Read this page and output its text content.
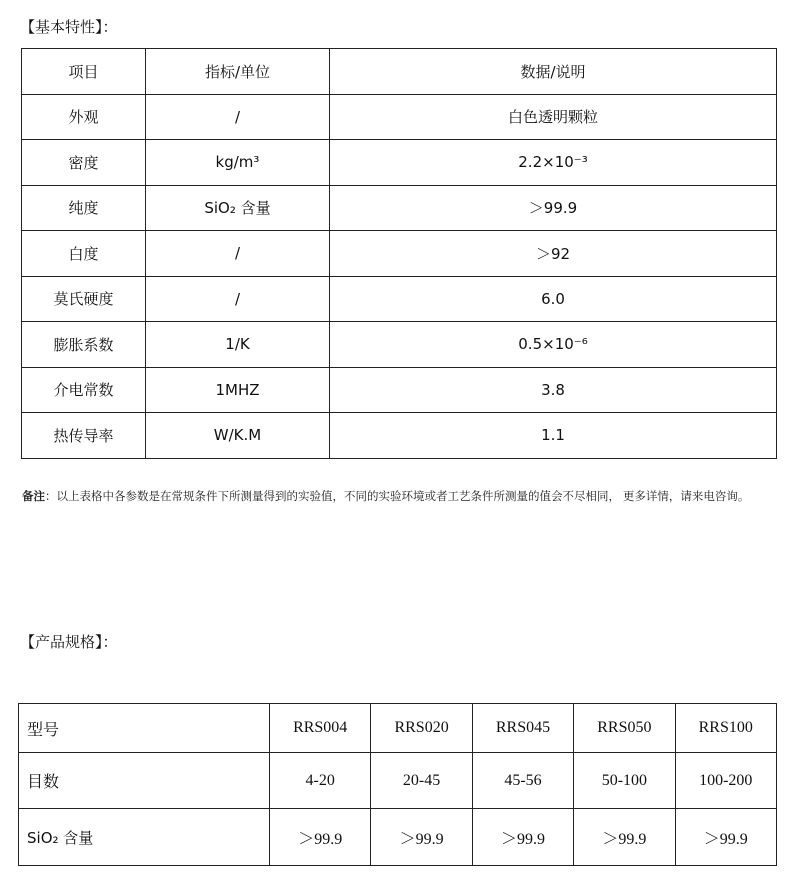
【基本特性】：
项目	指标/单位	数据/说明
外观	/	白色透明颗粒
密度	kg/m³	2.2×10⁻³
纯度	SiO₂ 含量	＞99.9
白度	/	＞92
莫氏硬度	/	6.0
膨胀系数	1/K	0.5×10⁻⁶
介电常数	1MHZ	3.8
热传导率	W/K.M	1.1
备注：以上表格中各参数是在常规条件下所测量得到的实验值，不同的实验环境或者工艺条件所测量的值会不尽相同， 更多详情，请来电咨询。
【产品规格】：
型号	RRS004	RRS020	RRS045	RRS050	RRS100
目数	4-20	20-45	45-56	50-100	100-200
SiO₂ 含量	＞99.9	＞99.9	＞99.9	＞99.9	＞99.9
